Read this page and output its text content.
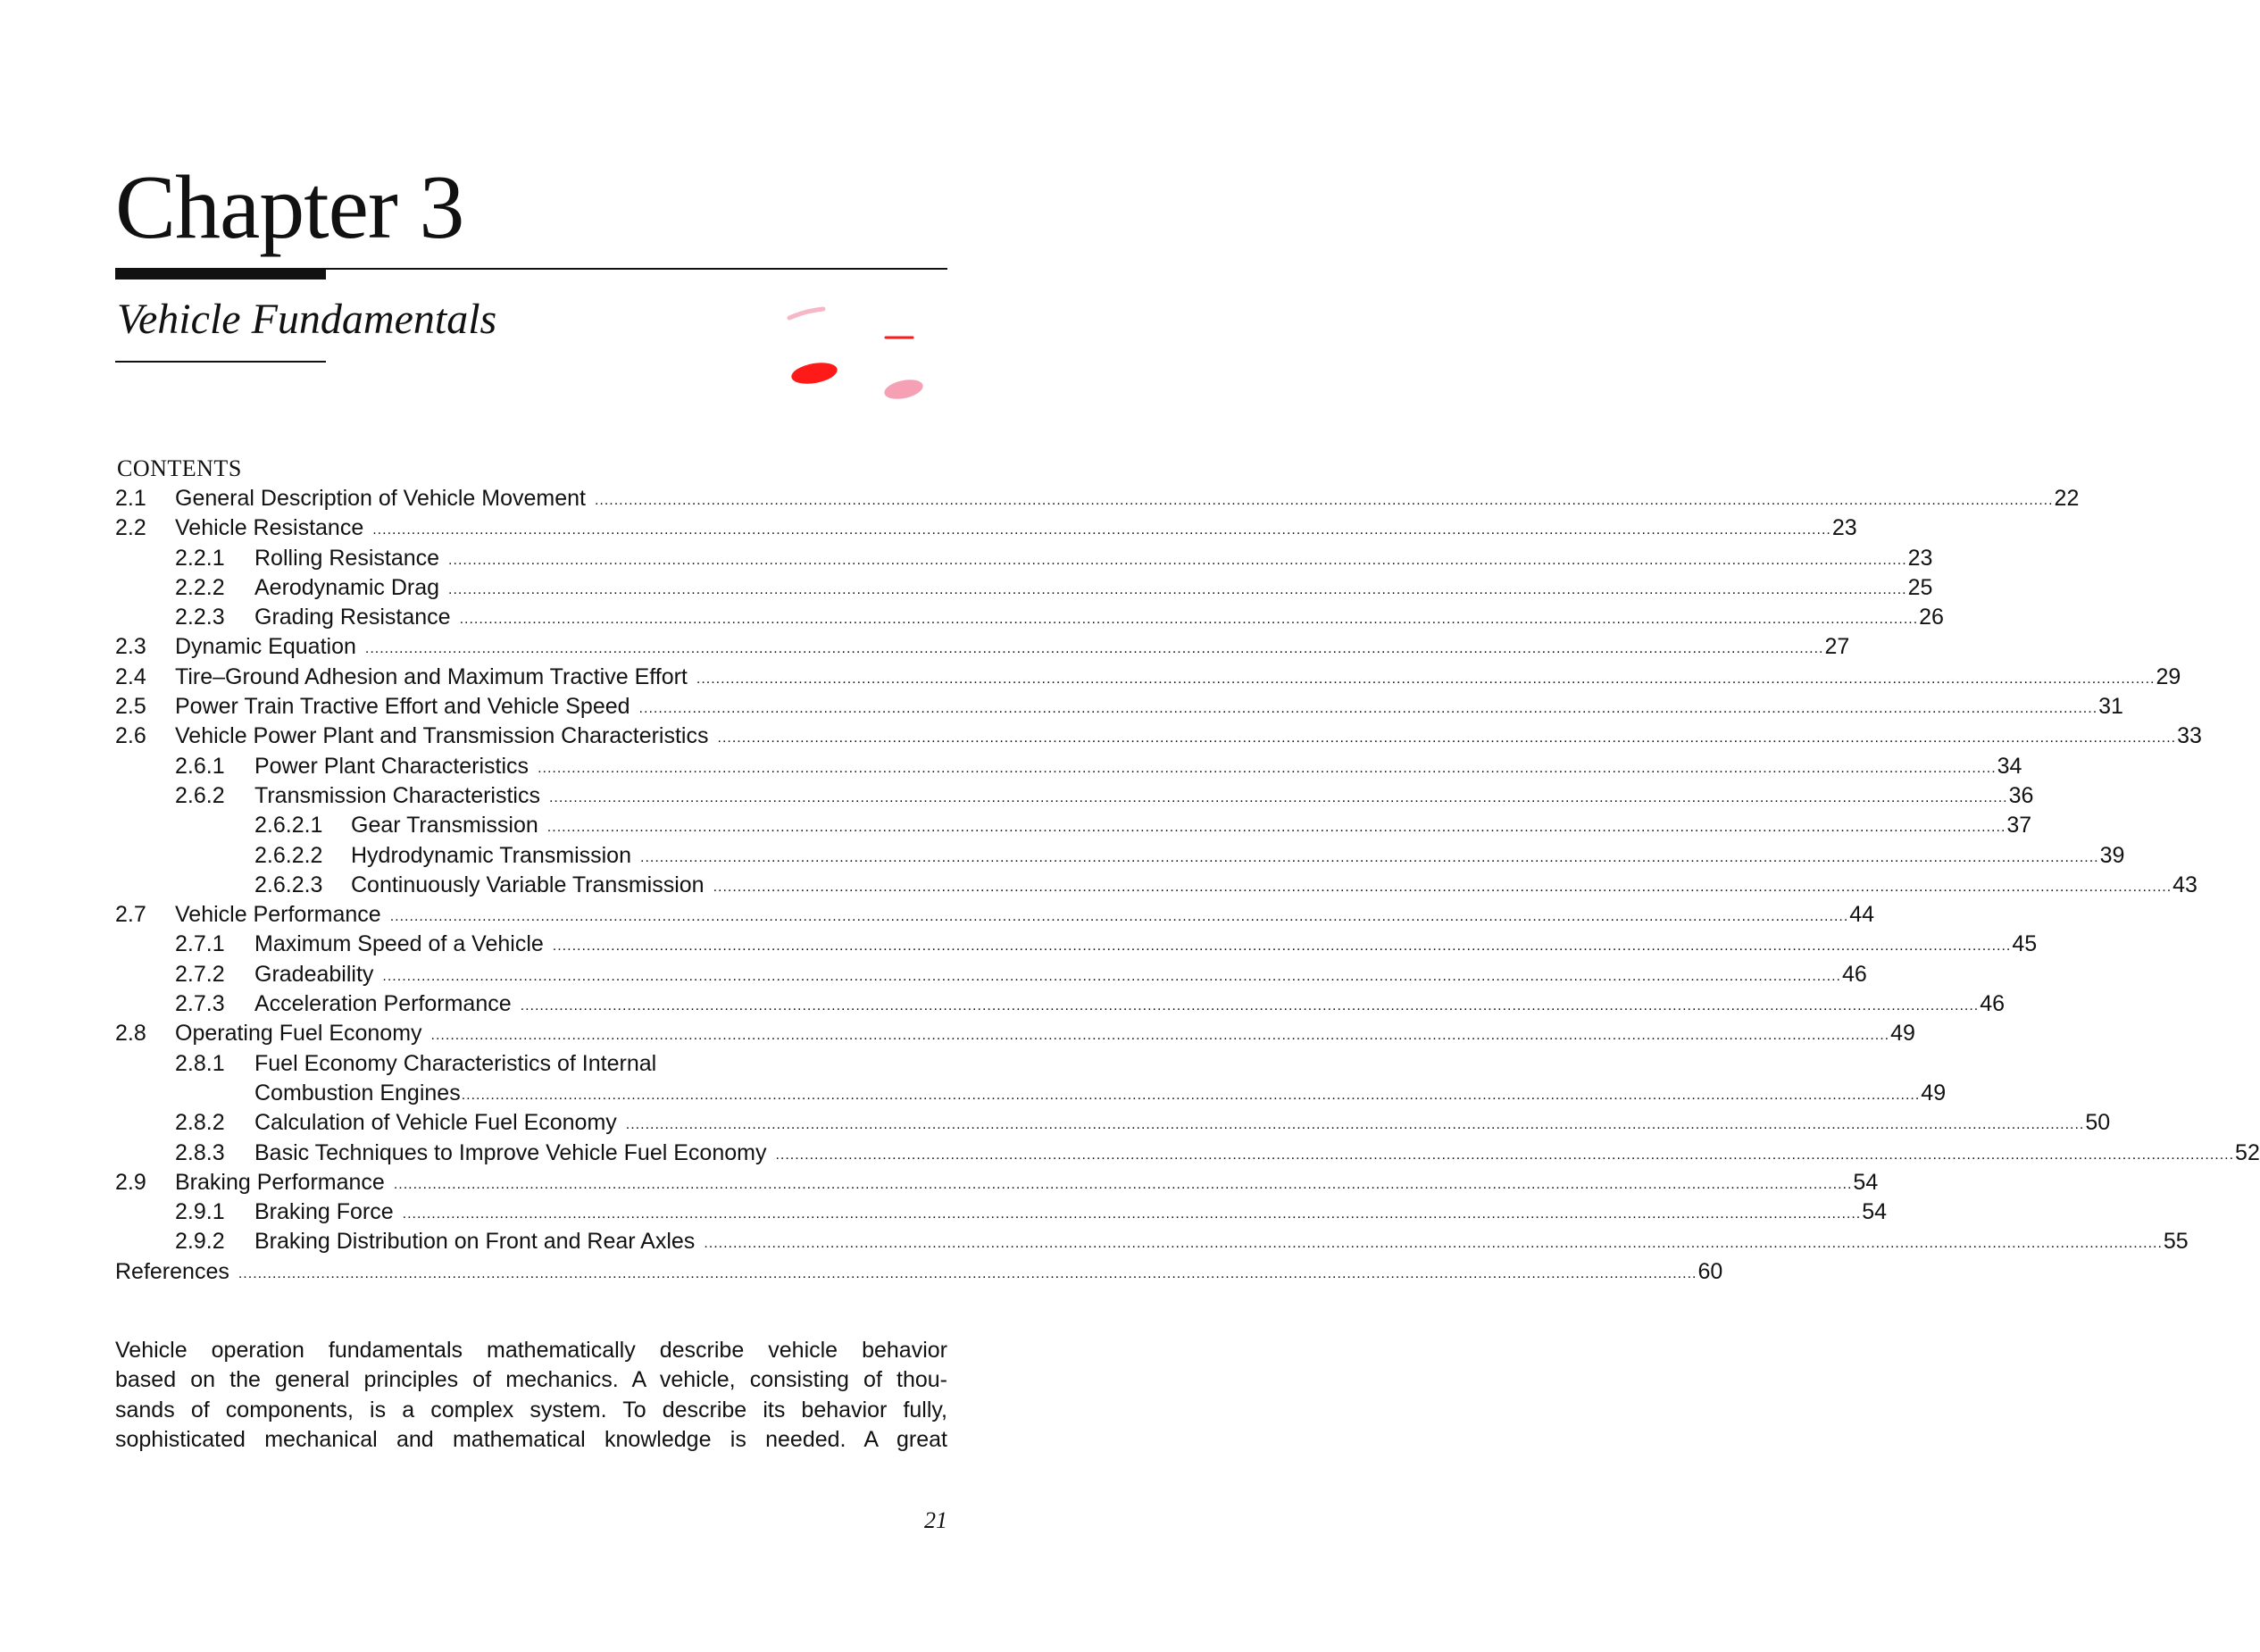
Chapter 3
Vehicle Fundamentals
CONTENTS
2.1	General Description of Vehicle Movement ............................................................................................................................................................................................................................................................................................................ 22
2.2	Vehicle Resistance ............................................................................................................................................................................................................................................................................................................ 23
2.2.1	Rolling Resistance ............................................................................................................................................................................................................................................................................................................ 23
2.2.2	Aerodynamic Drag ............................................................................................................................................................................................................................................................................................................ 25
2.2.3	Grading Resistance ............................................................................................................................................................................................................................................................................................................ 26
2.3	Dynamic Equation ............................................................................................................................................................................................................................................................................................................ 27
2.4	Tire–Ground Adhesion and Maximum Tractive Effort ............................................................................................................................................................................................................................................................................................................ 29
2.5	Power Train Tractive Effort and Vehicle Speed ............................................................................................................................................................................................................................................................................................................ 31
2.6	Vehicle Power Plant and Transmission Characteristics ............................................................................................................................................................................................................................................................................................................ 33
2.6.1	Power Plant Characteristics ............................................................................................................................................................................................................................................................................................................ 34
2.6.2	Transmission Characteristics ............................................................................................................................................................................................................................................................................................................ 36
2.6.2.1	Gear Transmission ............................................................................................................................................................................................................................................................................................................ 37
2.6.2.2	Hydrodynamic Transmission ............................................................................................................................................................................................................................................................................................................ 39
2.6.2.3	Continuously Variable Transmission ............................................................................................................................................................................................................................................................................................................ 43
2.7	Vehicle Performance ............................................................................................................................................................................................................................................................................................................ 44
2.7.1	Maximum Speed of a Vehicle ............................................................................................................................................................................................................................................................................................................ 45
2.7.2	Gradeability ............................................................................................................................................................................................................................................................................................................ 46
2.7.3	Acceleration Performance ............................................................................................................................................................................................................................................................................................................ 46
2.8	Operating Fuel Economy ............................................................................................................................................................................................................................................................................................................ 49
2.8.1	Fuel Economy Characteristics of Internal
Combustion Engines ............................................................................................................................................................................................................................................................................................................ 49
2.8.2	Calculation of Vehicle Fuel Economy ............................................................................................................................................................................................................................................................................................................ 50
2.8.3	Basic Techniques to Improve Vehicle Fuel Economy ............................................................................................................................................................................................................................................................................................................ 52
2.9	Braking Performance ............................................................................................................................................................................................................................................................................................................ 54
2.9.1	Braking Force ............................................................................................................................................................................................................................................................................................................ 54
2.9.2	Braking Distribution on Front and Rear Axles ............................................................................................................................................................................................................................................................................................................ 55
References ............................................................................................................................................................................................................................................................................................................ 60
Vehicle operation fundamentals mathematically describe vehicle behavior
based on the general principles of mechanics. A vehicle, consisting of thou-
sands of components, is a complex system. To describe its behavior fully,
sophisticated mechanical and mathematical knowledge is needed. A great
21
